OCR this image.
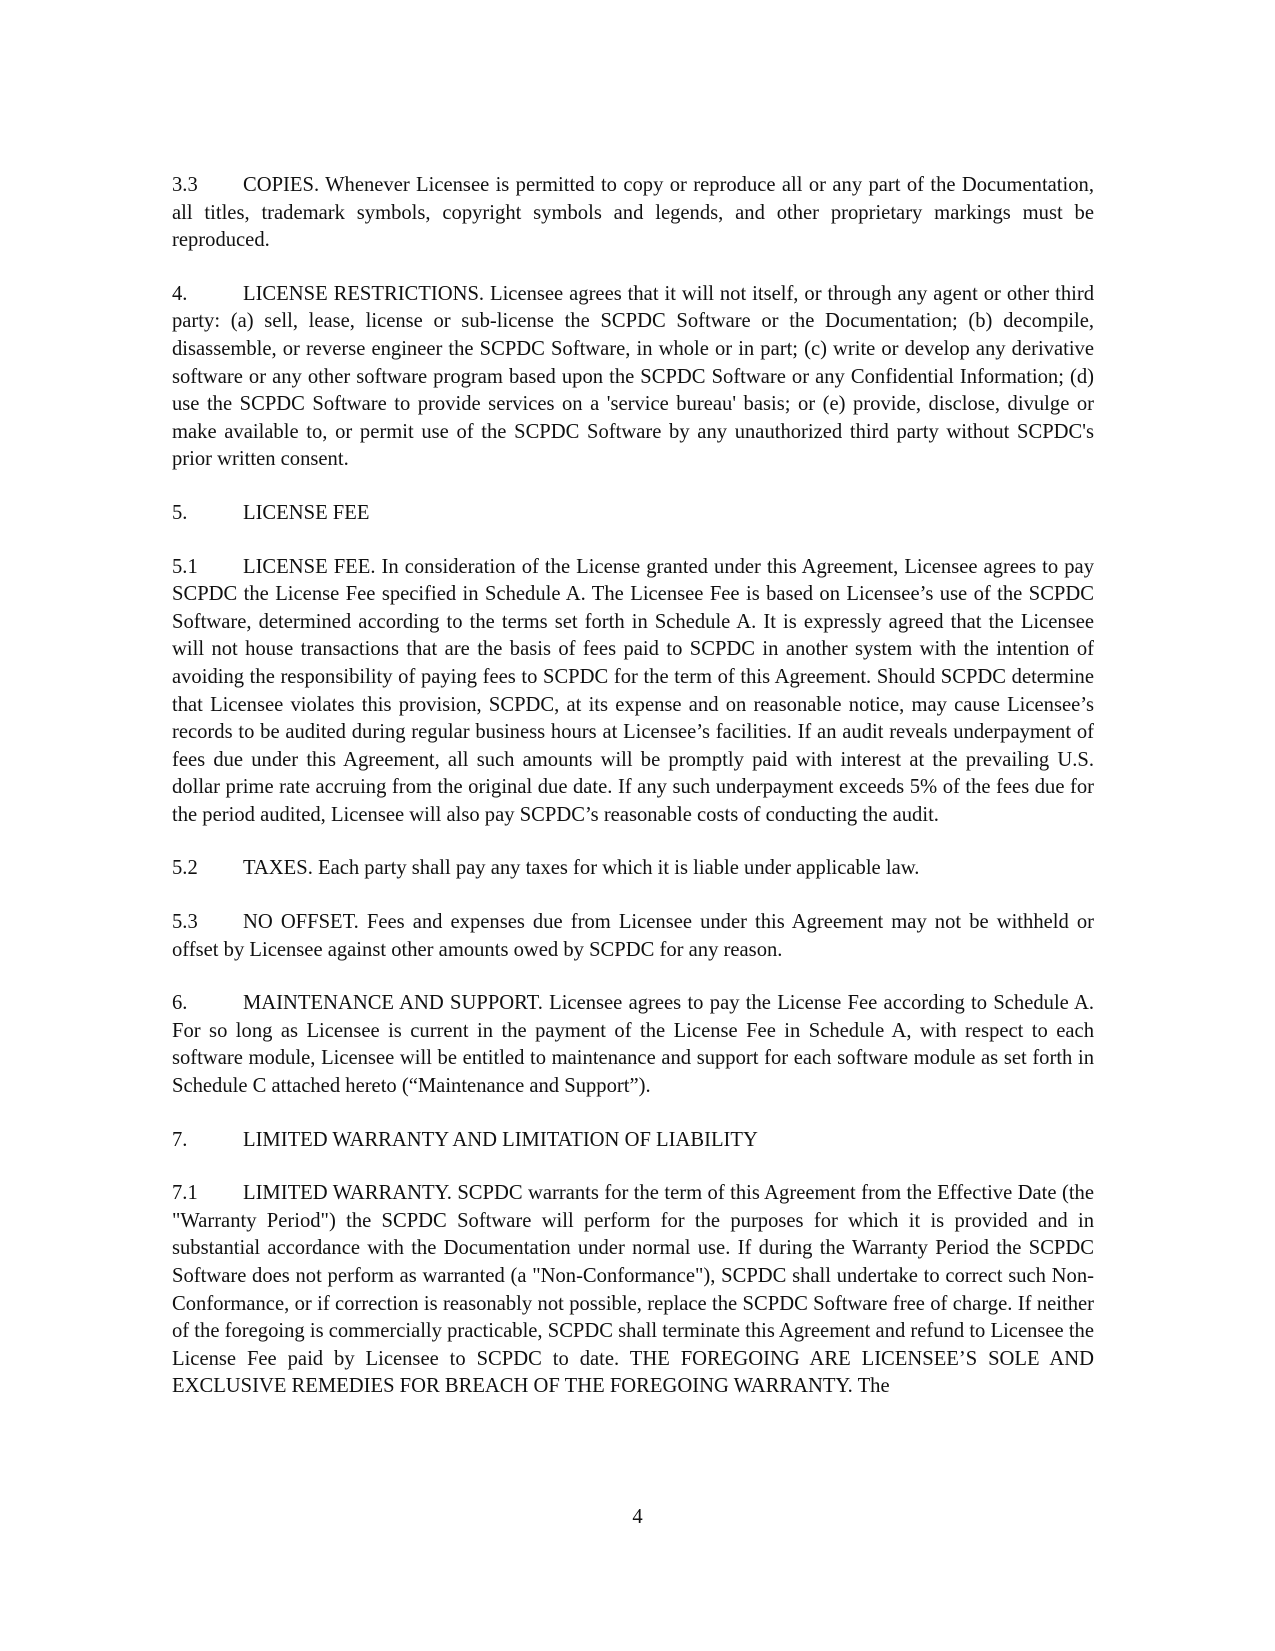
3.3 COPIES. Whenever Licensee is permitted to copy or reproduce all or any part of the Documentation, all titles, trademark symbols, copyright symbols and legends, and other proprietary markings must be reproduced.

4.	LICENSE RESTRICTIONS. Licensee agrees that it will not itself, or through any agent or other third party: (a) sell, lease, license or sub-license the SCPDC Software or the Documentation; (b) decompile, disassemble, or reverse engineer the SCPDC Software, in whole or in part; (c) write or develop any derivative software or any other software program based upon the SCPDC Software or any Confidential Information; (d) use the SCPDC Software to provide services on a 'service bureau' basis; or (e) provide, disclose, divulge or make available to, or permit use of the SCPDC Software by any unauthorized third party without SCPDC's prior written consent.

5.	LICENSE FEE

5.1 LICENSE FEE. In consideration of the License granted under this Agreement, Licensee agrees to pay SCPDC the License Fee specified in Schedule A. The Licensee Fee is based on Licensee’s use of the SCPDC Software, determined according to the terms set forth in Schedule A. It is expressly agreed that the Licensee will not house transactions that are the basis of fees paid to SCPDC in another system with the intention of avoiding the responsibility of paying fees to SCPDC for the term of this Agreement. Should SCPDC determine that Licensee violates this provision, SCPDC, at its expense and on reasonable notice, may cause Licensee’s records to be audited during regular business hours at Licensee’s facilities. If an audit reveals underpayment of fees due under this Agreement, all such amounts will be promptly paid with interest at the prevailing U.S. dollar prime rate accruing from the original due date. If any such underpayment exceeds 5% of the fees due for the period audited, Licensee will also pay SCPDC’s reasonable costs of conducting the audit.

5.2 TAXES. Each party shall pay any taxes for which it is liable under applicable law.

5.3 NO OFFSET. Fees and expenses due from Licensee under this Agreement may not be withheld or offset by Licensee against other amounts owed by SCPDC for any reason.

6.	MAINTENANCE AND SUPPORT. Licensee agrees to pay the License Fee according to Schedule A. For so long as Licensee is current in the payment of the License Fee in Schedule A, with respect to each software module, Licensee will be entitled to maintenance and support for each software module as set forth in Schedule C attached hereto (“Maintenance and Support”).

7.	LIMITED WARRANTY AND LIMITATION OF LIABILITY

7.1 LIMITED WARRANTY. SCPDC warrants for the term of this Agreement from the Effective Date (the "Warranty Period") the SCPDC Software will perform for the purposes for which it is provided and in substantial accordance with the Documentation under normal use. If during the Warranty Period the SCPDC Software does not perform as warranted (a "Non-Conformance"), SCPDC shall undertake to correct such Non-Conformance, or if correction is reasonably not possible, replace the SCPDC Software free of charge. If neither of the foregoing is commercially practicable, SCPDC shall terminate this Agreement and refund to Licensee the License Fee paid by Licensee to SCPDC to date. THE FOREGOING ARE LICENSEE’S SOLE AND EXCLUSIVE REMEDIES FOR BREACH OF THE FOREGOING WARRANTY. The

4
